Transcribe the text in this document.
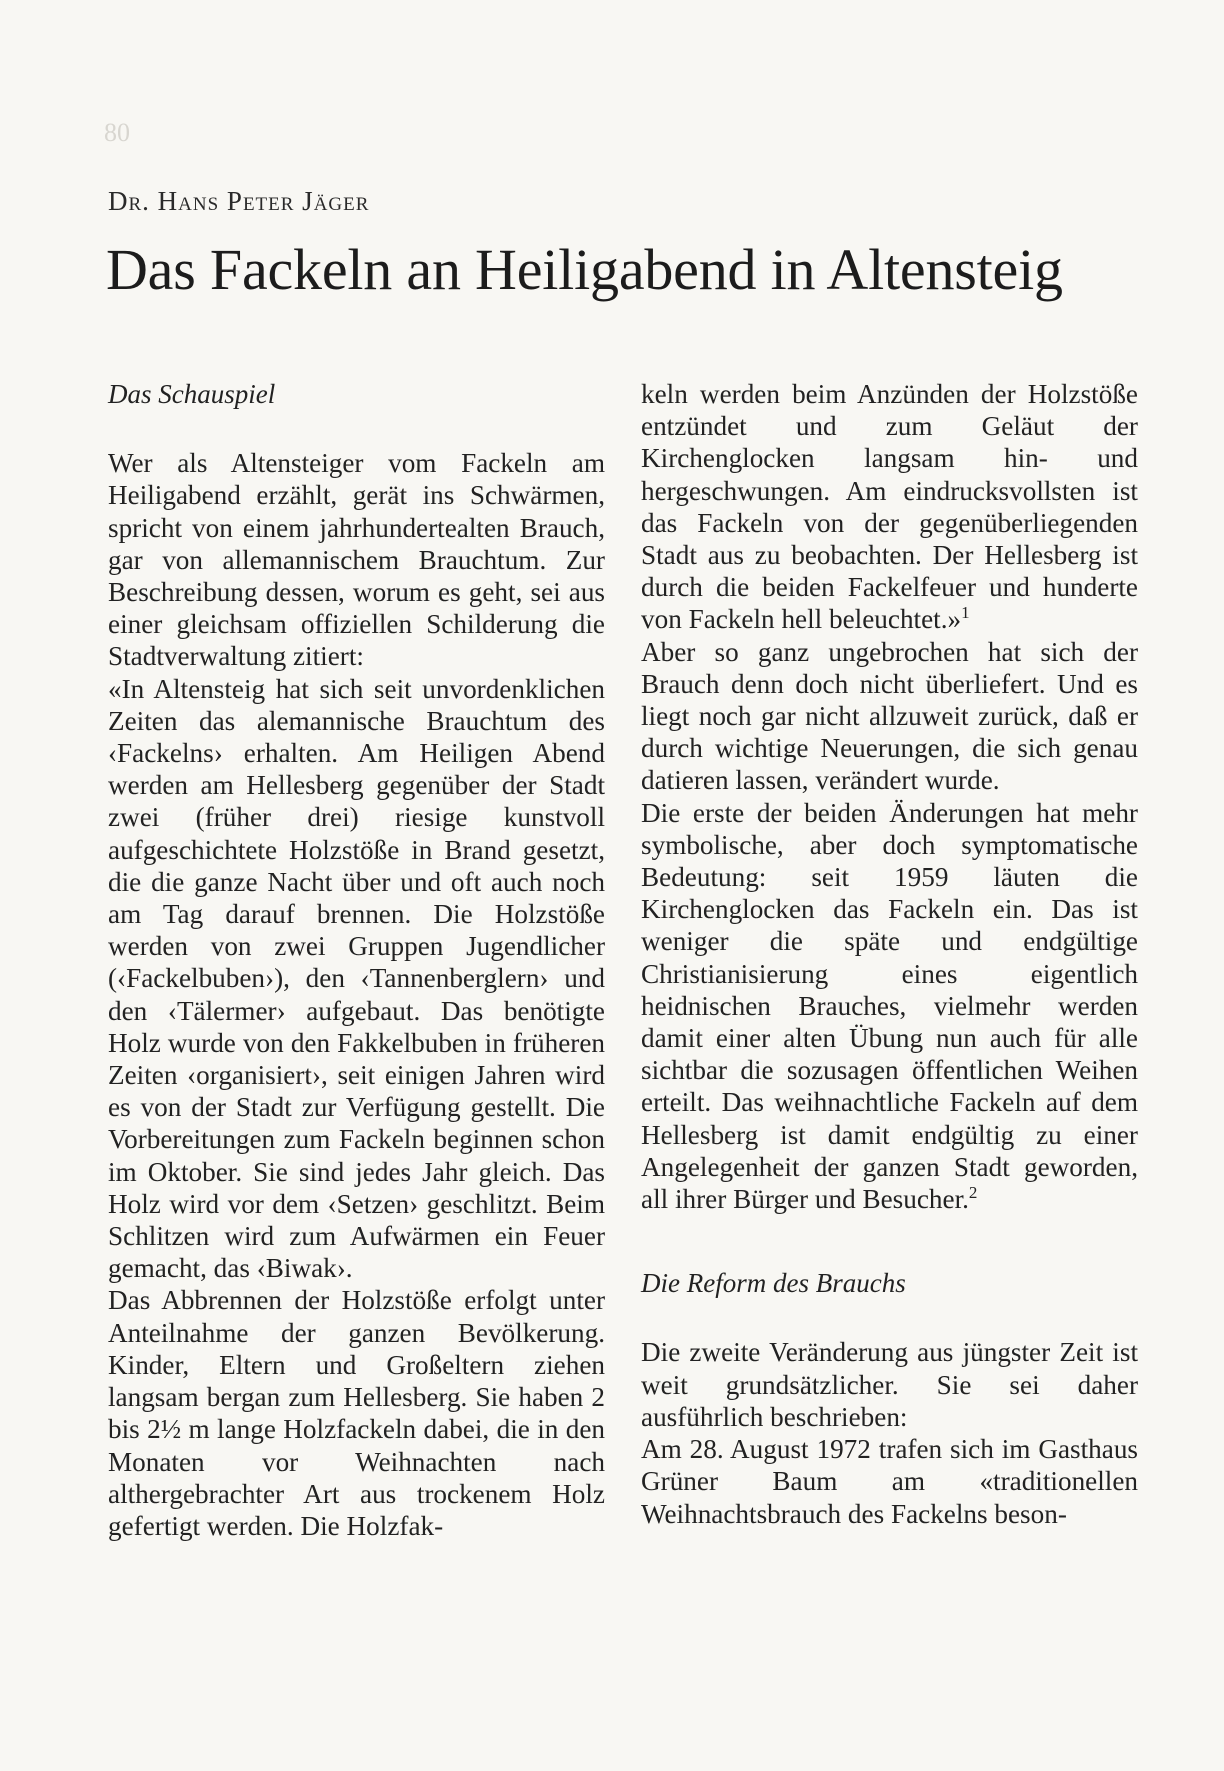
80
Dr. Hans Peter Jäger
Das Fackeln an Heiligabend in Altensteig

Das Schauspiel

Wer als Altensteiger vom Fackeln am Heiligabend erzählt, gerät ins Schwärmen, spricht von einem jahrhundertealten Brauch, gar von allemannischem Brauchtum. Zur Beschreibung dessen, worum es geht, sei aus einer gleichsam offiziellen Schilderung die Stadtverwaltung zitiert:

«In Altensteig hat sich seit unvordenklichen Zeiten das alemannische Brauchtum des ‹Fackelns› erhalten. Am Heiligen Abend werden am Hellesberg gegenüber der Stadt zwei (früher drei) riesige kunstvoll aufgeschichtete Holzstöße in Brand gesetzt, die die ganze Nacht über und oft auch noch am Tag darauf brennen. Die Holzstöße werden von zwei Gruppen Jugendlicher (‹Fackelbuben›), den ‹Tannenberglern› und den ‹Tälermer› aufgebaut. Das benötigte Holz wurde von den Fakkelbuben in früheren Zeiten ‹organisiert›, seit einigen Jahren wird es von der Stadt zur Verfügung gestellt. Die Vorbereitungen zum Fackeln beginnen schon im Oktober. Sie sind jedes Jahr gleich. Das Holz wird vor dem ‹Setzen› geschlitzt. Beim Schlitzen wird zum Aufwärmen ein Feuer gemacht, das ‹Biwak›.

Das Abbrennen der Holzstöße erfolgt unter Anteilnahme der ganzen Bevölkerung. Kinder, Eltern und Großeltern ziehen langsam bergan zum Hellesberg. Sie haben 2 bis 2½ m lange Holzfackeln dabei, die in den Monaten vor Weihnachten nach althergebrachter Art aus trockenem Holz gefertigt werden. Die Holzfak-

keln werden beim Anzünden der Holzstöße entzündet und zum Geläut der Kirchenglocken langsam hin- und hergeschwungen. Am eindrucksvollsten ist das Fackeln von der gegenüberliegenden Stadt aus zu beobachten. Der Hellesberg ist durch die beiden Fackelfeuer und hunderte von Fackeln hell beleuchtet.»$^1$

Aber so ganz ungebrochen hat sich der Brauch denn doch nicht überliefert. Und es liegt noch gar nicht allzuweit zurück, daß er durch wichtige Neuerungen, die sich genau datieren lassen, verändert wurde.

Die erste der beiden Änderungen hat mehr symbolische, aber doch symptomatische Bedeutung: seit 1959 läuten die Kirchenglocken das Fackeln ein. Das ist weniger die späte und endgültige Christianisierung eines eigentlich heidnischen Brauches, vielmehr werden damit einer alten Übung nun auch für alle sichtbar die sozusagen öffentlichen Weihen erteilt. Das weihnachtliche Fackeln auf dem Hellesberg ist damit endgültig zu einer Angelegenheit der ganzen Stadt geworden, all ihrer Bürger und Besucher.$^2$

Die Reform des Brauchs

Die zweite Veränderung aus jüngster Zeit ist weit grundsätzlicher. Sie sei daher ausführlich beschrieben:

Am 28. August 1972 trafen sich im Gasthaus Grüner Baum am «traditionellen Weihnachtsbrauch des Fackelns beson-
